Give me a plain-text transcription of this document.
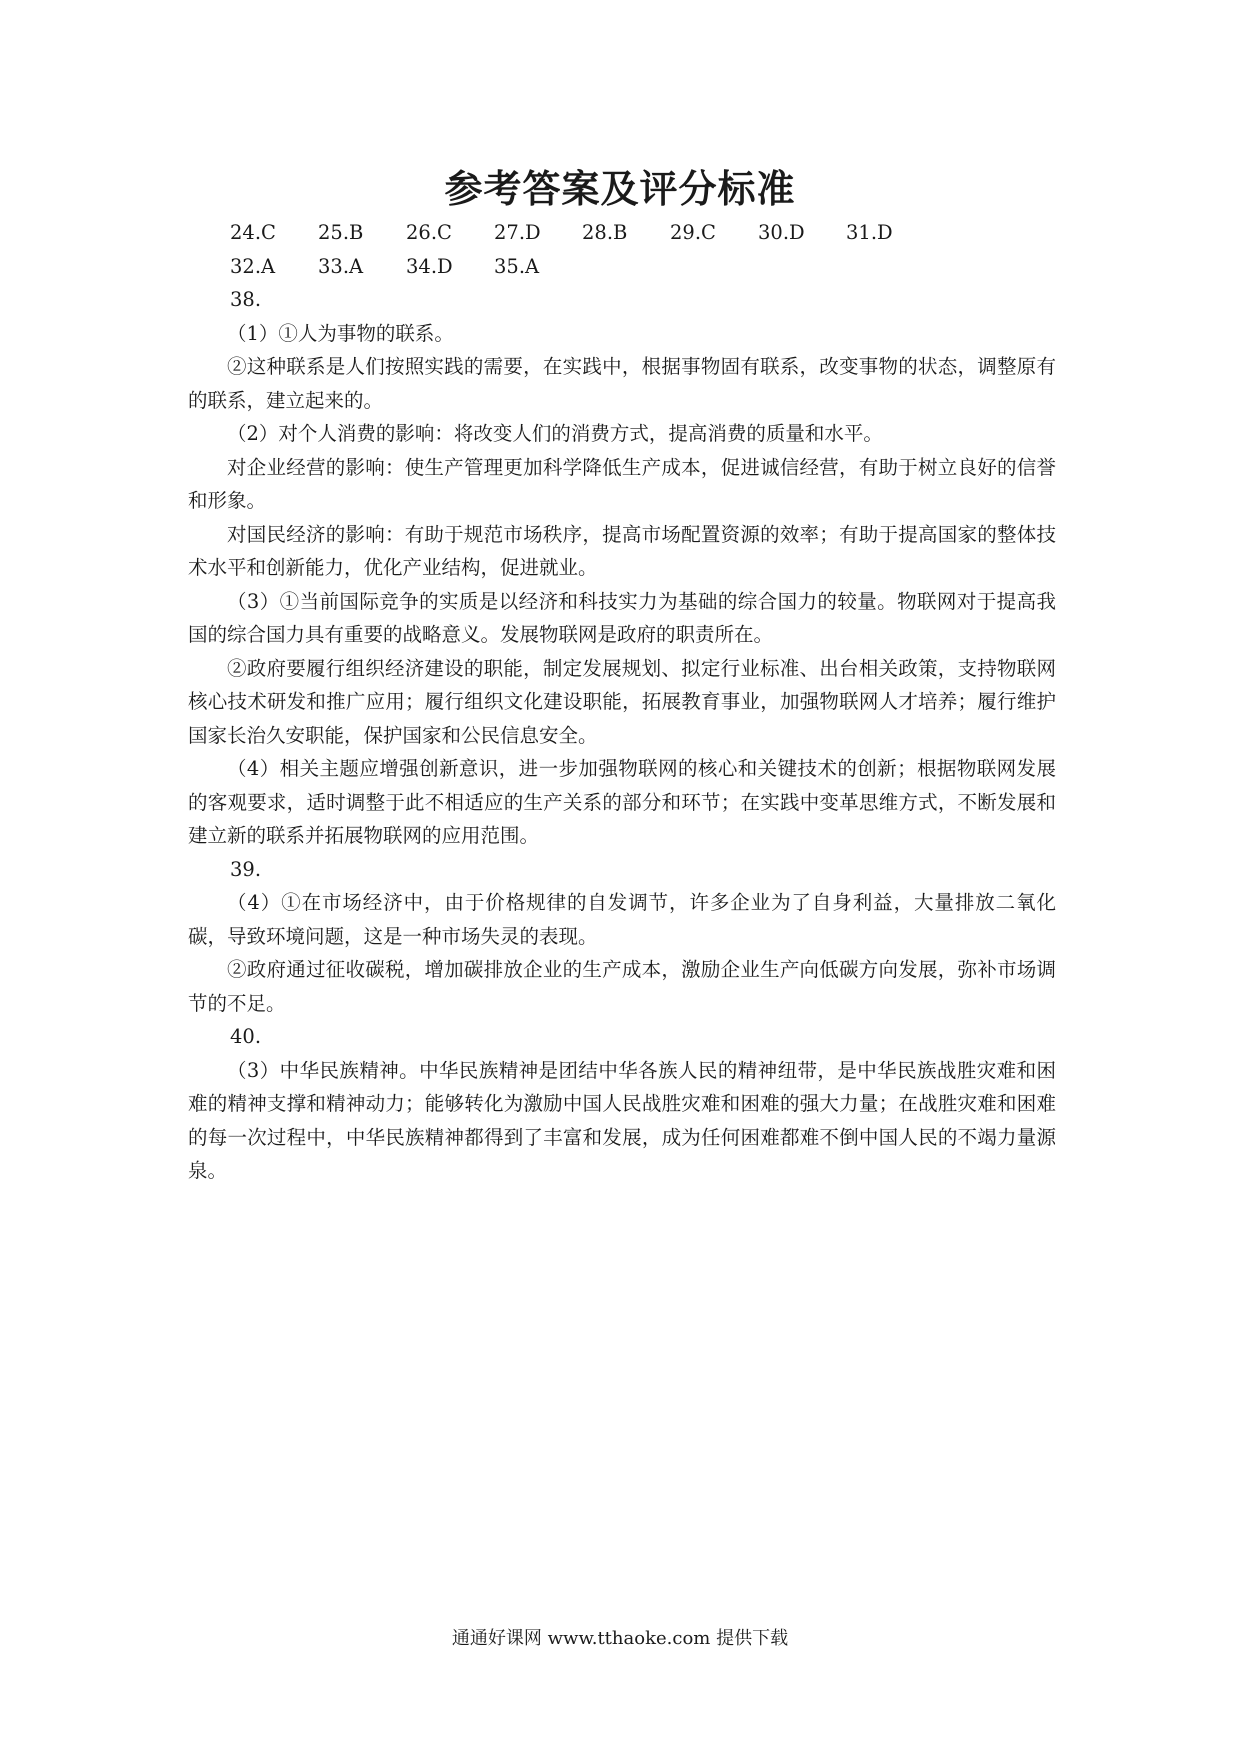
参考答案及评分标准
24.C	25.B	26.C	27.D	28.B	29.C	30.D	31.D
32.A	33.A	34.D	35.A
38.

（1）①人为事物的联系。

②这种联系是人们按照实践的需要，在实践中，根据事物固有联系，改变事物的状态，调整原有的联系，建立起来的。

（2）对个人消费的影响：将改变人们的消费方式，提高消费的质量和水平。

对企业经营的影响：使生产管理更加科学降低生产成本，促进诚信经营，有助于树立良好的信誉和形象。

对国民经济的影响：有助于规范市场秩序，提高市场配置资源的效率；有助于提高国家的整体技术水平和创新能力，优化产业结构，促进就业。

（3）①当前国际竞争的实质是以经济和科技实力为基础的综合国力的较量。物联网对于提高我国的综合国力具有重要的战略意义。发展物联网是政府的职责所在。

②政府要履行组织经济建设的职能，制定发展规划、拟定行业标准、出台相关政策，支持物联网核心技术研发和推广应用；履行组织文化建设职能，拓展教育事业，加强物联网人才培养；履行维护国家长治久安职能，保护国家和公民信息安全。

（4）相关主题应增强创新意识，进一步加强物联网的核心和关键技术的创新；根据物联网发展的客观要求，适时调整于此不相适应的生产关系的部分和环节；在实践中变革思维方式，不断发展和建立新的联系并拓展物联网的应用范围。

39.

（4）①在市场经济中，由于价格规律的自发调节，许多企业为了自身利益，大量排放二氧化碳，导致环境问题，这是一种市场失灵的表现。

②政府通过征收碳税，增加碳排放企业的生产成本，激励企业生产向低碳方向发展，弥补市场调节的不足。

40.

（3）中华民族精神。中华民族精神是团结中华各族人民的精神纽带，是中华民族战胜灾难和困难的精神支撑和精神动力；能够转化为激励中国人民战胜灾难和困难的强大力量；在战胜灾难和困难的每一次过程中，中华民族精神都得到了丰富和发展，成为任何困难都难不倒中国人民的不竭力量源泉。

通通好课网 www.tthaoke.com 提供下载
